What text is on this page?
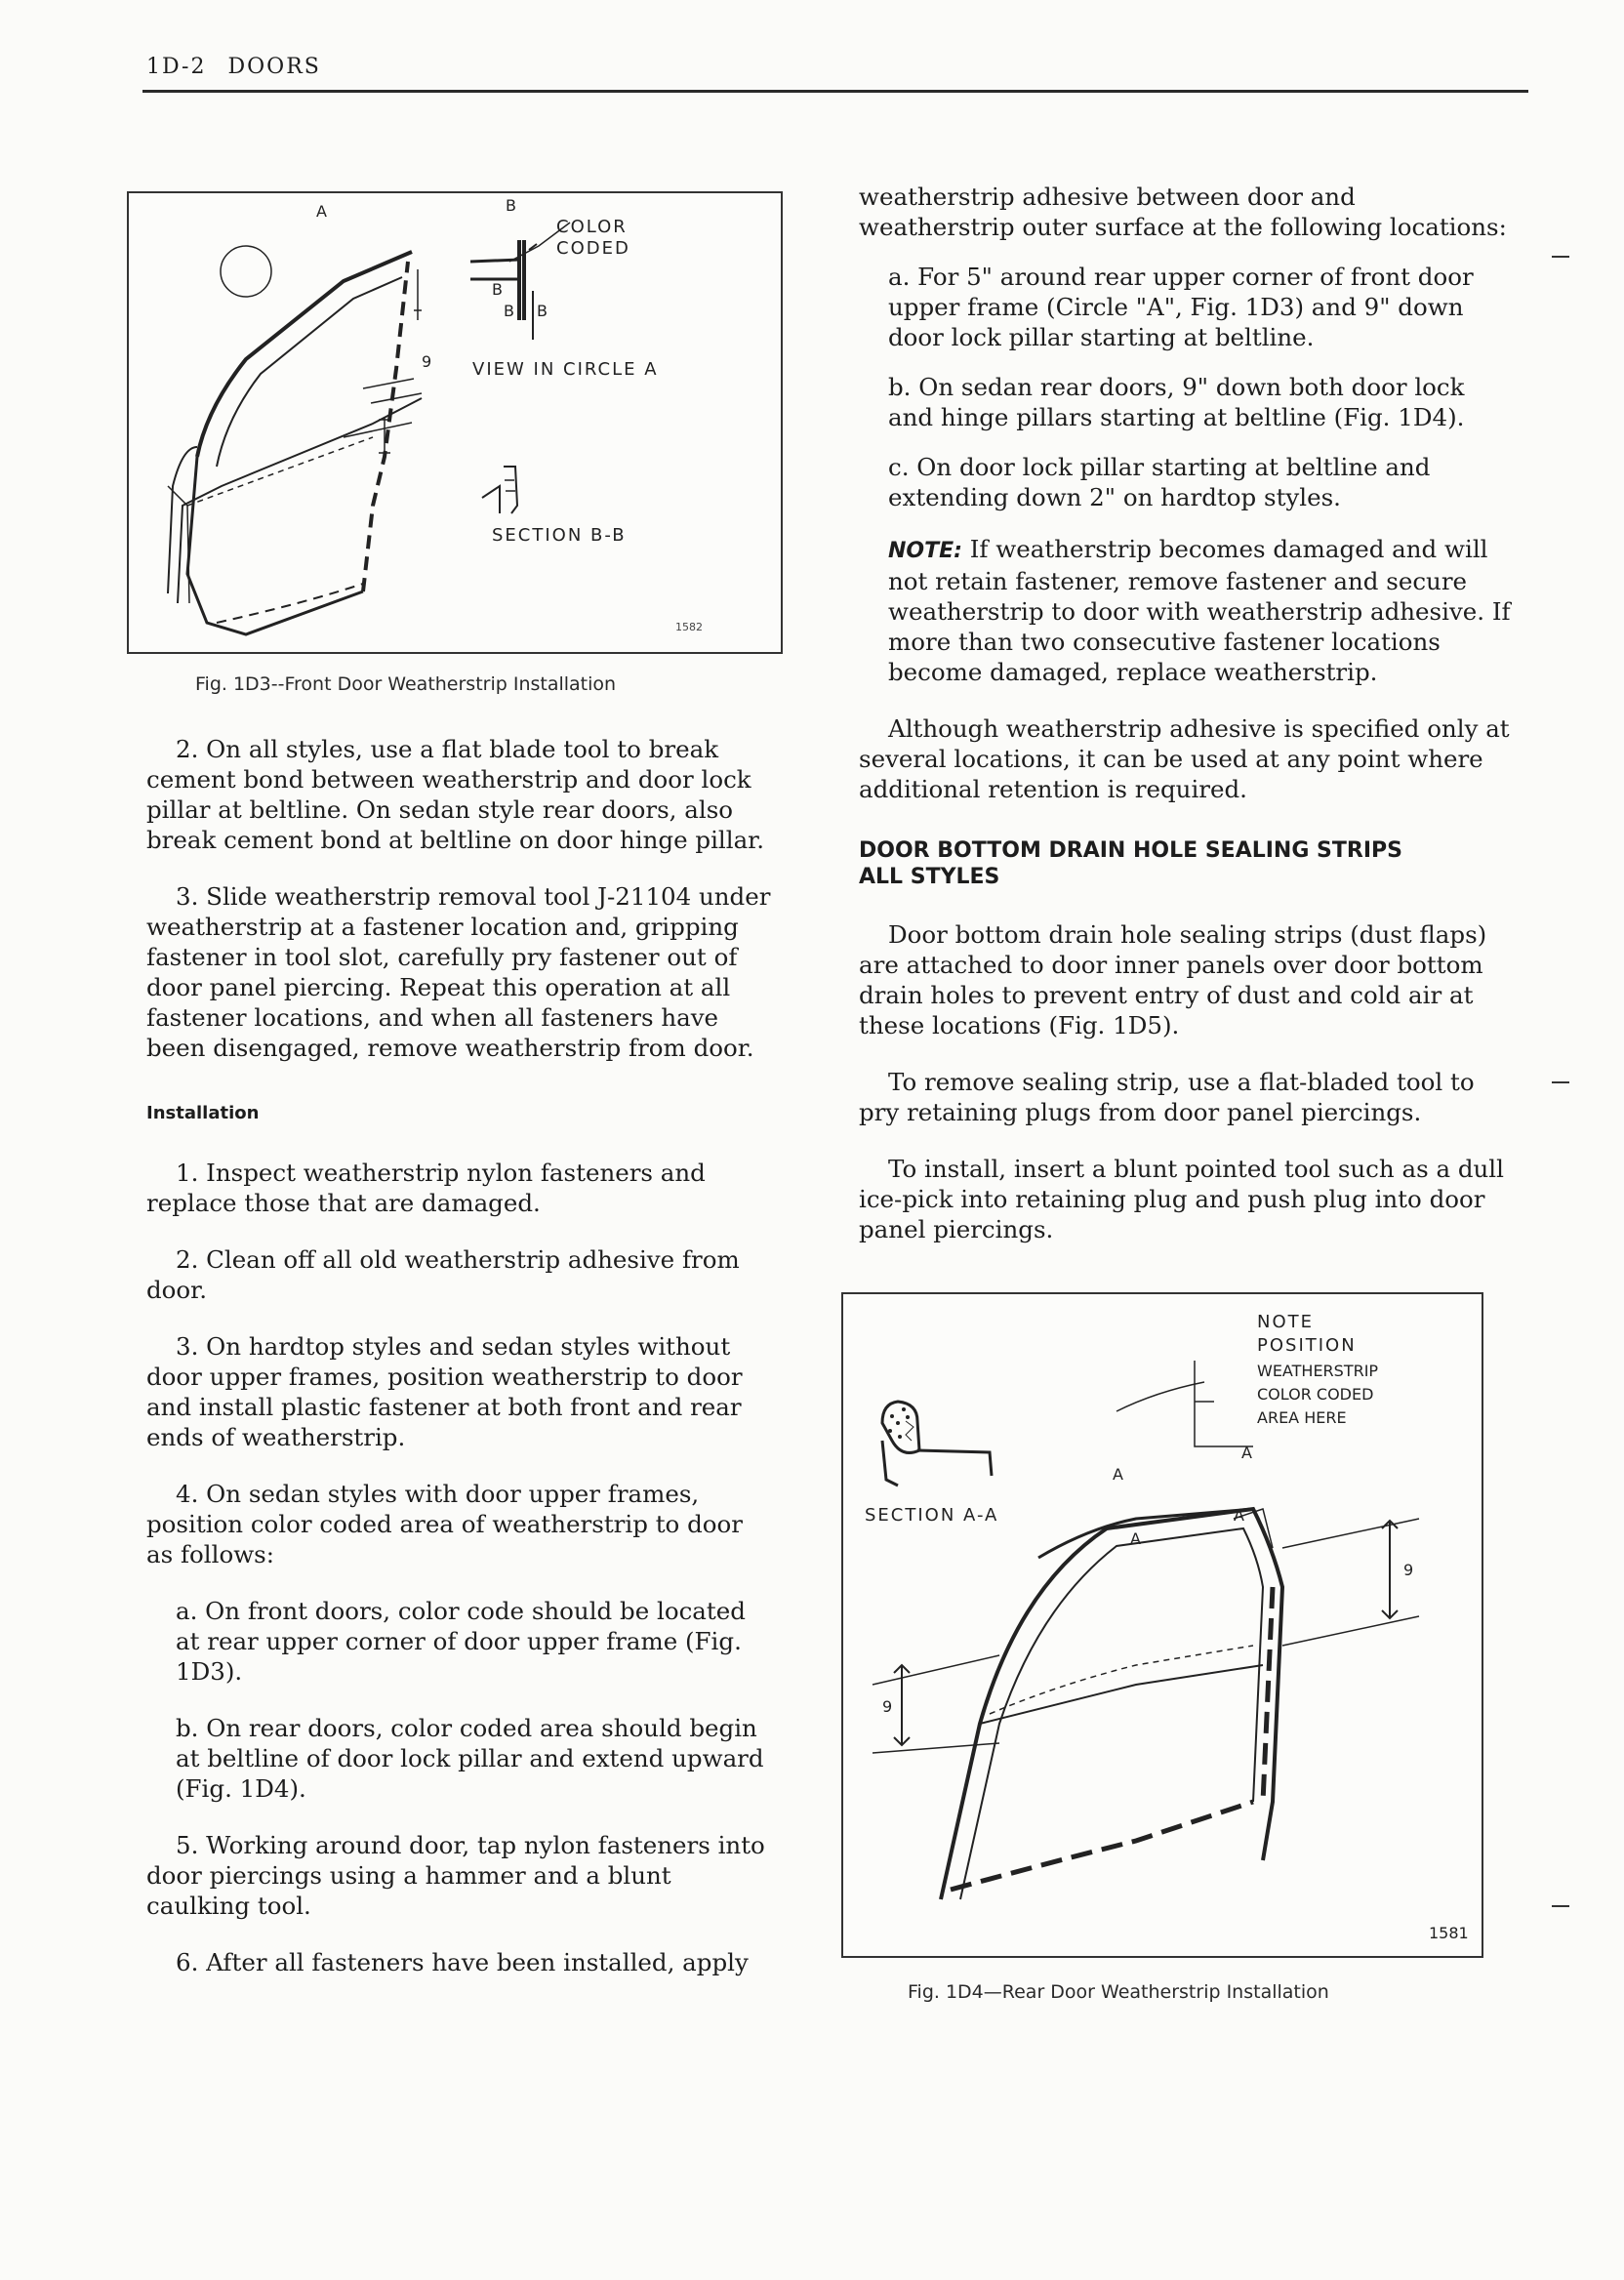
1D-2 DOORS
A	B
COLOR
CODED
B
B B
9 VIEW IN CIRCLE A
SECTION B-B
1582
Fig. 1D3--Front Door Weatherstrip Installation

2. On all styles, use a flat blade tool to break cement bond between weatherstrip and door lock pillar at beltline. On sedan style rear doors, also break cement bond at beltline on door hinge pillar.

3. Slide weatherstrip removal tool J-21104 under weatherstrip at a fastener location and, gripping fastener in tool slot, carefully pry fastener out of door panel piercing. Repeat this operation at all fastener locations, and when all fasteners have been disengaged, remove weatherstrip from door.

Installation

1. Inspect weatherstrip nylon fasteners and replace those that are damaged.

2. Clean off all old weatherstrip adhesive from door.

3. On hardtop styles and sedan styles without door upper frames, position weatherstrip to door and install plastic fastener at both front and rear ends of weatherstrip.

4. On sedan styles with door upper frames, position color coded area of weatherstrip to door as follows:

a. On front doors, color code should be located at rear upper corner of door upper frame (Fig. 1D3).

b. On rear doors, color coded area should begin at beltline of door lock pillar and extend upward (Fig. 1D4).

5. Working around door, tap nylon fasteners into door piercings using a hammer and a blunt caulking tool.

6. After all fasteners have been installed, apply

weatherstrip adhesive between door and weatherstrip outer surface at the following locations:

a. For 5" around rear upper corner of front door upper frame (Circle "A", Fig. 1D3) and 9" down door lock pillar starting at beltline.

b. On sedan rear doors, 9" down both door lock and hinge pillars starting at beltline (Fig. 1D4).

c. On door lock pillar starting at beltline and extending down 2" on hardtop styles.

NOTE: If weatherstrip becomes damaged and will not retain fastener, remove fastener and secure weatherstrip to door with weatherstrip adhesive. If more than two consecutive fastener locations become damaged, replace weatherstrip.

Although weatherstrip adhesive is specified only at several locations, it can be used at any point where additional retention is required.

DOOR BOTTOM DRAIN HOLE SEALING STRIPS
ALL STYLES

Door bottom drain hole sealing strips (dust flaps) are attached to door inner panels over door bottom drain holes to prevent entry of dust and cold air at these locations (Fig. 1D5).

To remove sealing strip, use a flat-bladed tool to pry retaining plugs from door panel piercings.

To install, insert a blunt pointed tool such as a dull ice-pick into retaining plug and push plug into door panel piercings.

NOTE
POSITION
WEATHERSTRIP
COLOR CODED
AREA HERE
SECTION A-A
A
A
A
A
9
9
1581
Fig. 1D4—Rear Door Weatherstrip Installation
